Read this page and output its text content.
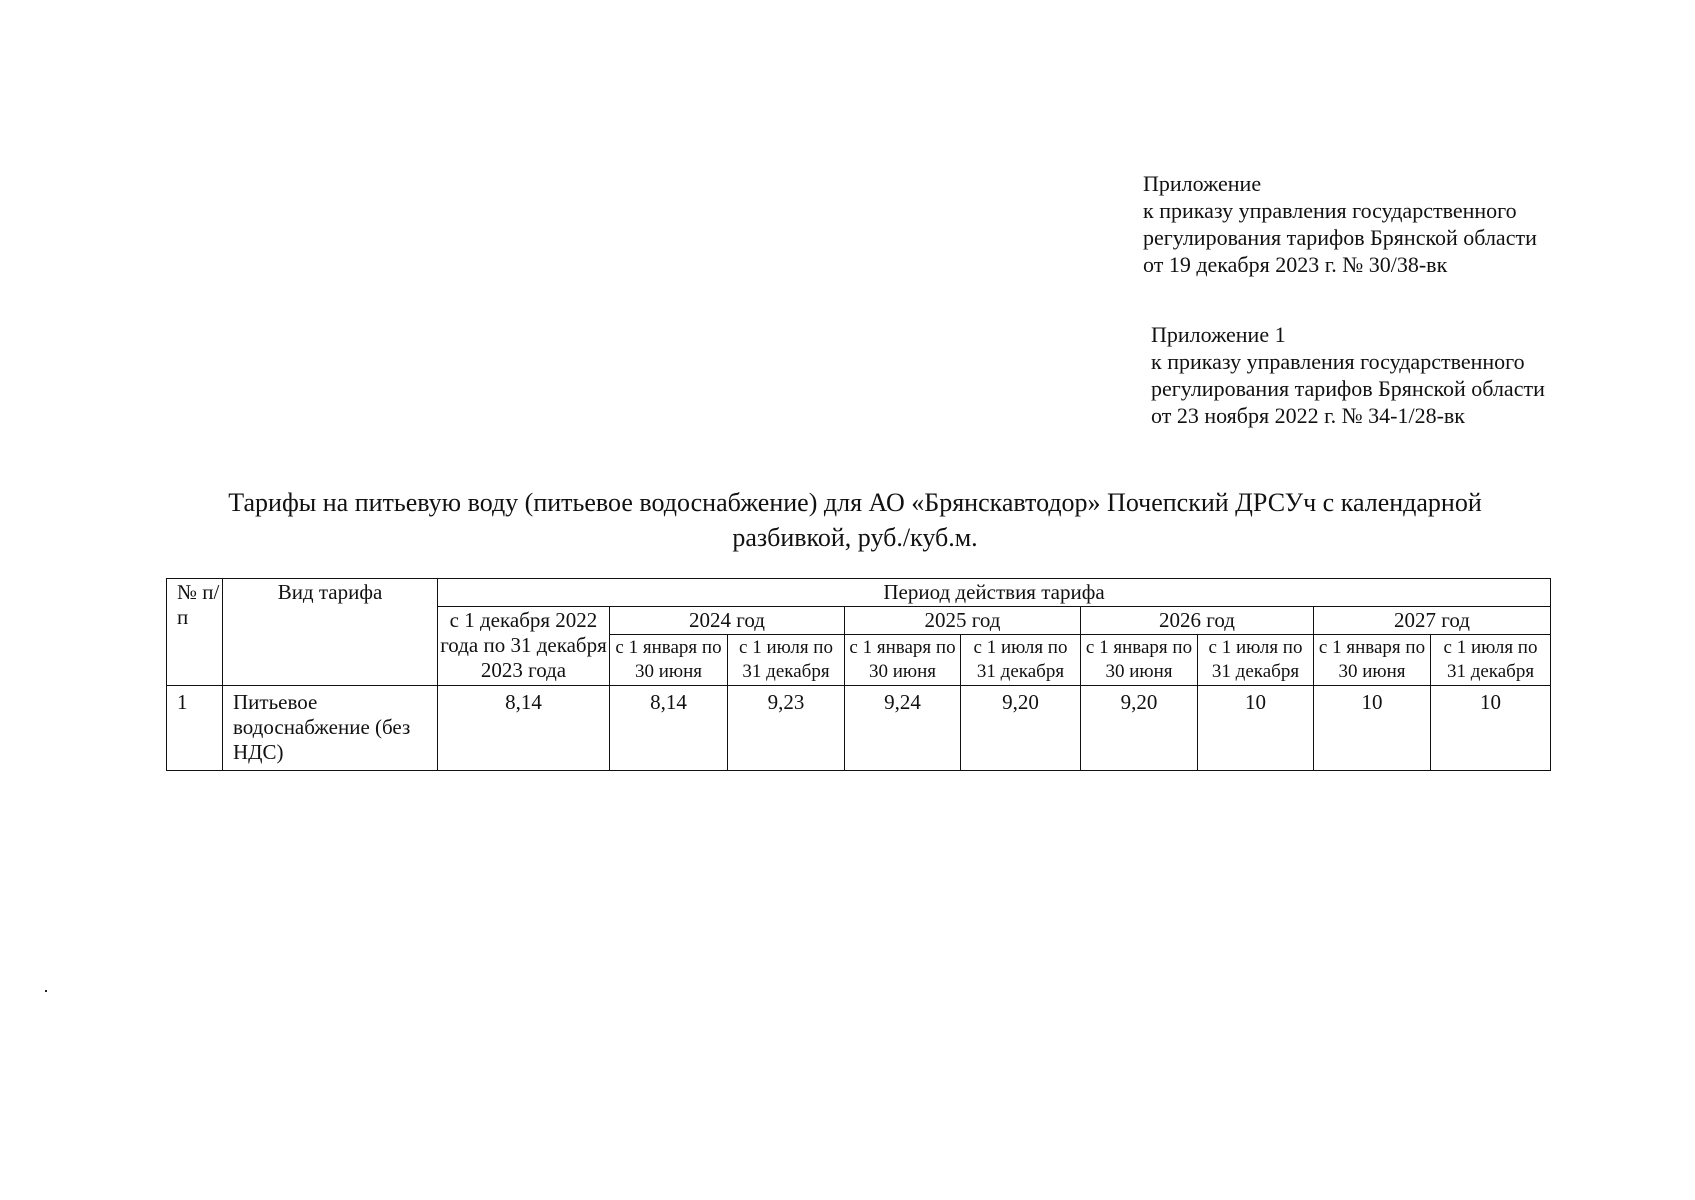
Приложение
к приказу управления государственного
регулирования тарифов Брянской области
от 19 декабря 2023 г. № 30/38-вк
Приложение 1
к приказу управления государственного
регулирования тарифов Брянской области
от 23 ноября 2022 г. № 34-1/28-вк
Тарифы на питьевую воду (питьевое водоснабжение) для АО «Брянскавтодор» Почепский ДРСУч с календарной
разбивкой, руб./куб.м.
№ п/п	Вид тарифа	Период действия тарифа								
		с 1 декабря 2022 года по 31 декабря 2023 года	2024 год		2025 год		2026 год		2027 год	
			с 1 января по 30 июня	с 1 июля по 31 декабря	с 1 января по 30 июня	с 1 июля по 31 декабря	с 1 января по 30 июня	с 1 июля по 31 декабря	с 1 января по 30 июня	с 1 июля по 31 декабря
1	Питьевое водоснабжение (без НДС)	8,14	8,14	9,23	9,24	9,20	9,20	10	10	10
